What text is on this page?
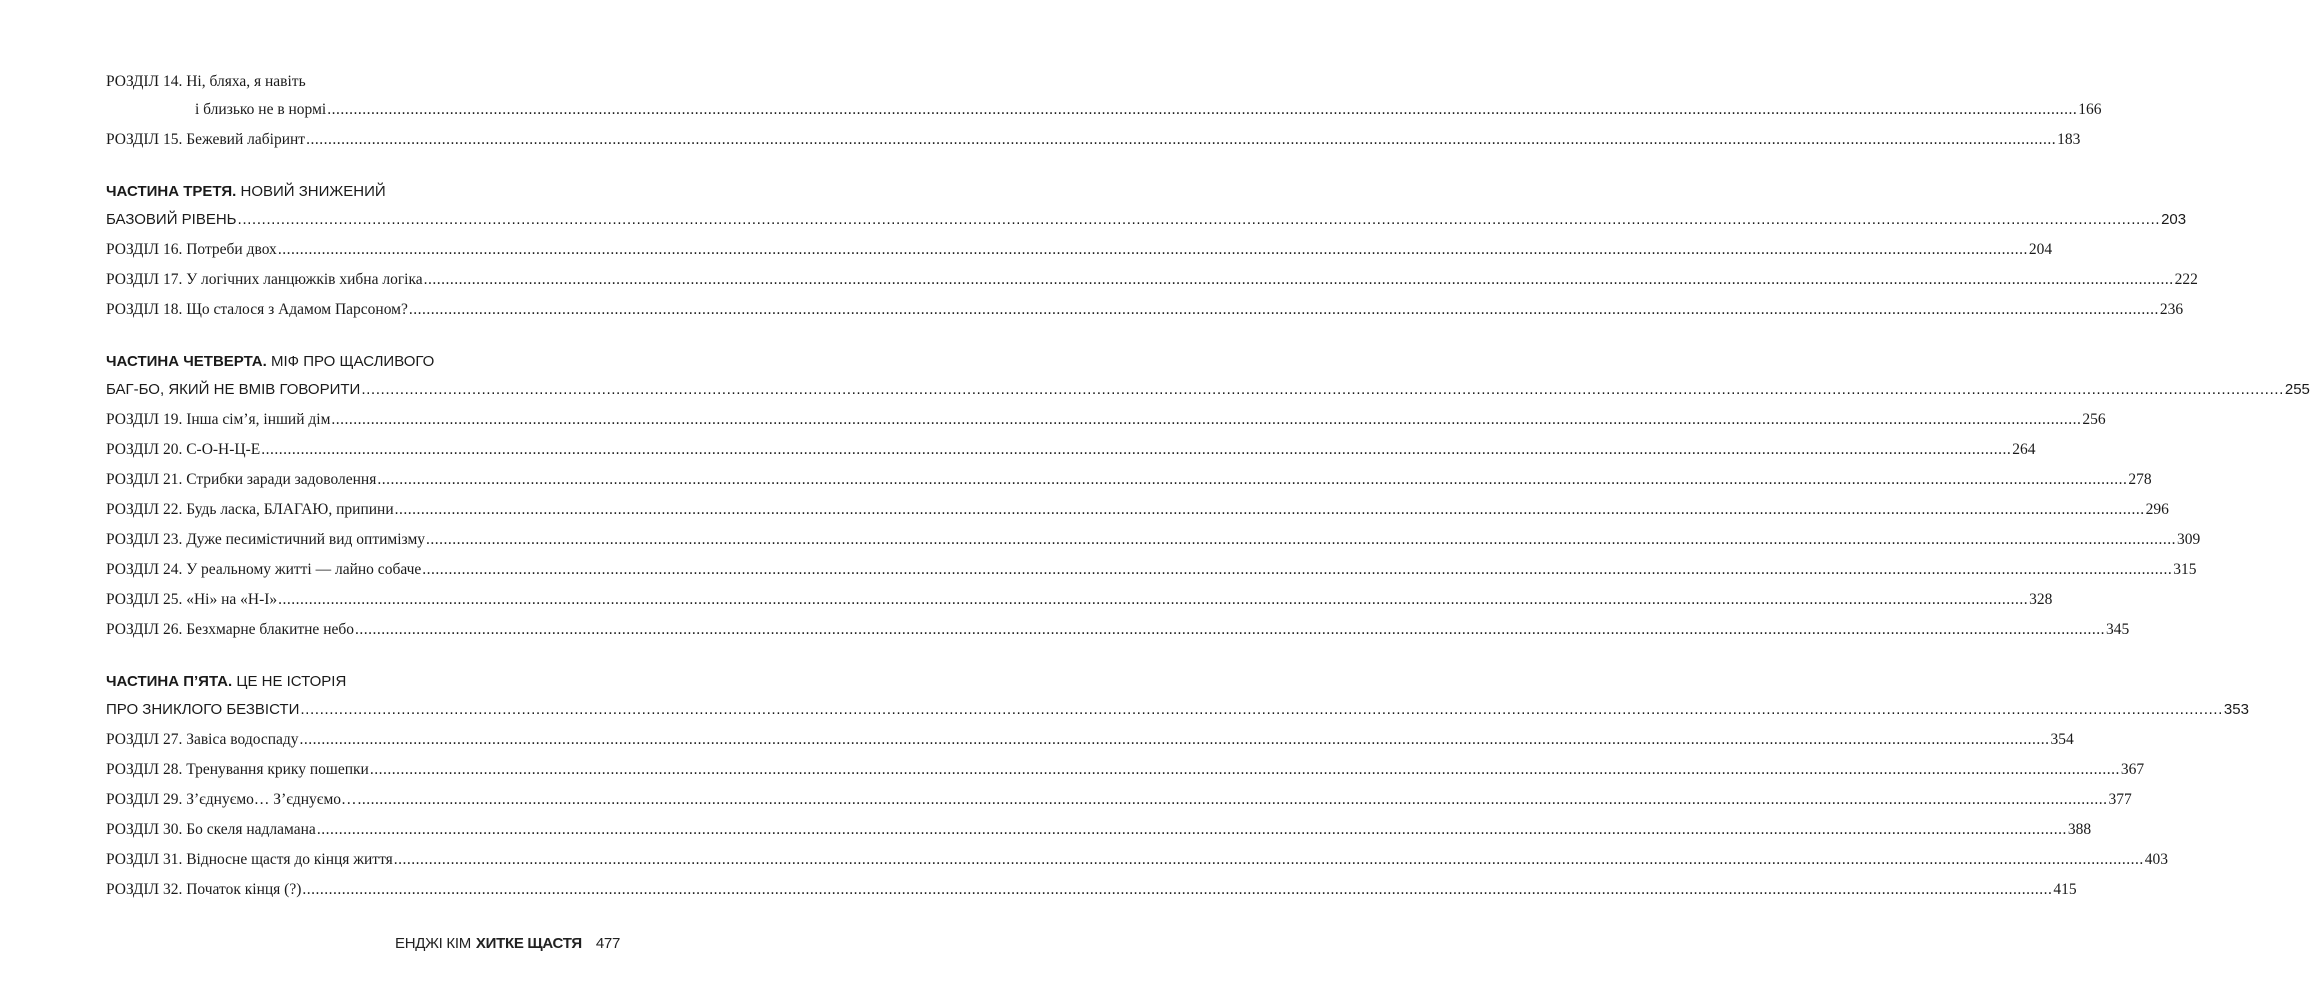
РОЗДІЛ 14. Ні, бляха, я навіть
і близько не в нормі ................................................................................................................................................................................................................................................................................................................................................................................................................ 166
РОЗДІЛ 15. Бежевий лабіринт ................................................................................................................................................................................................................................................................................................................................................................................................................ 183
ЧАСТИНА ТРЕТЯ. НОВИЙ ЗНИЖЕНИЙ
БАЗОВИЙ РІВЕНЬ ................................................................................................................................................................................................................................................................................................................................................................................................................ 203
РОЗДІЛ 16. Потреби двох ................................................................................................................................................................................................................................................................................................................................................................................................................ 204
РОЗДІЛ 17. У логічних ланцюжків хибна логіка ................................................................................................................................................................................................................................................................................................................................................................................................................ 222
РОЗДІЛ 18. Що сталося з Адамом Парсоном? ................................................................................................................................................................................................................................................................................................................................................................................................................ 236
ЧАСТИНА ЧЕТВЕРТА. МІФ ПРО ЩАСЛИВОГО
БАГ-БО, ЯКИЙ НЕ ВМІВ ГОВОРИТИ ................................................................................................................................................................................................................................................................................................................................................................................................................ 255
РОЗДІЛ 19. Інша сім’я, інший дім ................................................................................................................................................................................................................................................................................................................................................................................................................ 256
РОЗДІЛ 20. С-О-Н-Ц-Е ................................................................................................................................................................................................................................................................................................................................................................................................................ 264
РОЗДІЛ 21. Стрибки заради задоволення ................................................................................................................................................................................................................................................................................................................................................................................................................ 278
РОЗДІЛ 22. Будь ласка, БЛАГАЮ, припини ................................................................................................................................................................................................................................................................................................................................................................................................................ 296
РОЗДІЛ 23. Дуже песимістичний вид оптимізму ................................................................................................................................................................................................................................................................................................................................................................................................................ 309
РОЗДІЛ 24. У реальному житті — лайно собаче ................................................................................................................................................................................................................................................................................................................................................................................................................ 315
РОЗДІЛ 25. «Ні» на «Н-І» ................................................................................................................................................................................................................................................................................................................................................................................................................ 328
РОЗДІЛ 26. Безхмарне блакитне небо ................................................................................................................................................................................................................................................................................................................................................................................................................ 345
ЧАСТИНА П’ЯТА. ЦЕ НЕ ІСТОРІЯ
ПРО ЗНИКЛОГО БЕЗВІСТИ ................................................................................................................................................................................................................................................................................................................................................................................................................ 353
РОЗДІЛ 27. Завіса водоспаду ................................................................................................................................................................................................................................................................................................................................................................................................................ 354
РОЗДІЛ 28. Тренування крику пошепки ................................................................................................................................................................................................................................................................................................................................................................................................................ 367
РОЗДІЛ 29. З’єднуємо… З’єднуємо… ................................................................................................................................................................................................................................................................................................................................................................................................................ 377
РОЗДІЛ 30. Бо скеля надламана ................................................................................................................................................................................................................................................................................................................................................................................................................ 388
РОЗДІЛ 31. Відносне щастя до кінця життя ................................................................................................................................................................................................................................................................................................................................................................................................................ 403
РОЗДІЛ 32. Початок кінця (?) ................................................................................................................................................................................................................................................................................................................................................................................................................ 415
ЕНДЖІ КІМ ХИТКЕ ЩАСТЯ 477
